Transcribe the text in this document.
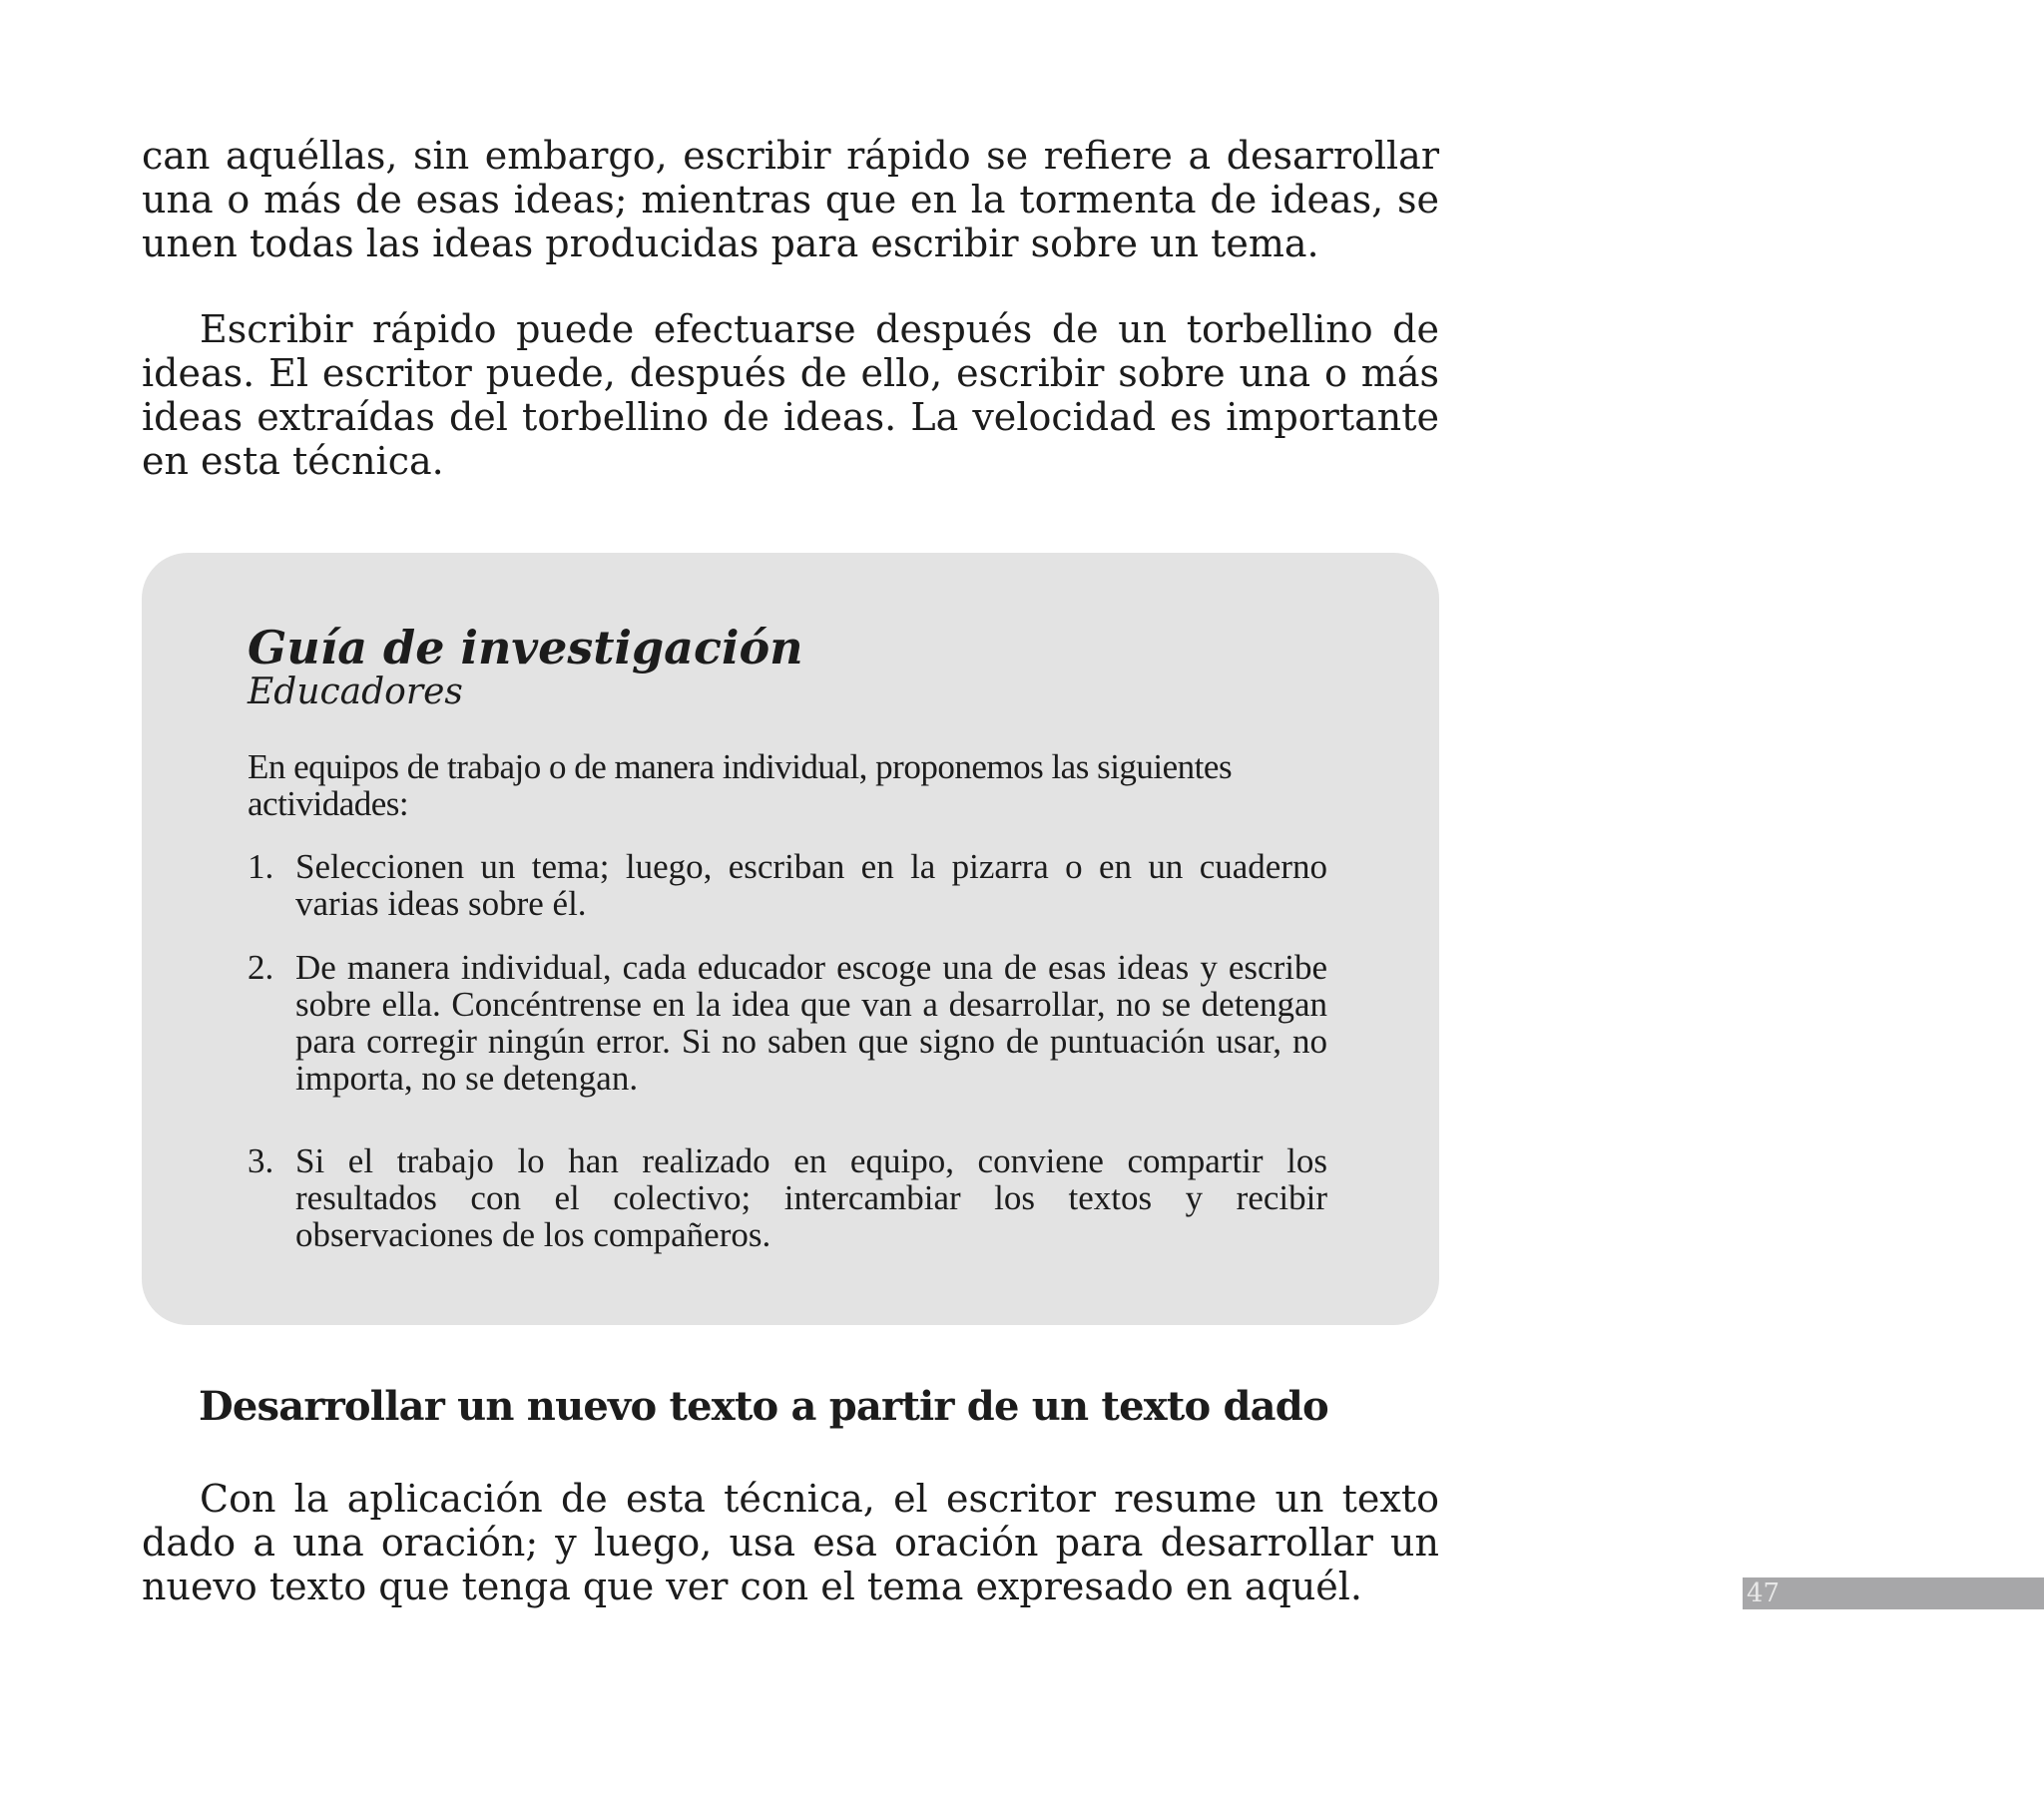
can aquéllas, sin embargo, escribir rápido se refiere a desarrollar una o más de esas ideas; mientras que en la tormenta de ideas, se unen todas las ideas producidas para escribir sobre un tema.

Escribir rápido puede efectuarse después de un torbellino de ideas. El escritor puede, después de ello, escribir sobre una o más ideas extraídas del torbellino de ideas. La velocidad es importante en esta técnica.

Guía de investigación

Educadores

En equipos de trabajo o de manera individual, proponemos las siguientes actividades:

1. Seleccionen un tema; luego, escriban en la pizarra o en un cuaderno varias ideas sobre él.
2. De manera individual, cada educador escoge una de esas ideas y escribe sobre ella. Concéntrense en la idea que van a desarrollar, no se detengan para corregir ningún error. Si no saben que signo de puntuación usar, no importa, no se detengan.
3. Si el trabajo lo han realizado en equipo, conviene compartir los resultados con el colectivo; intercambiar los textos y recibir observaciones de los compañeros.
Desarrollar un nuevo texto a partir de un texto dado

Con la aplicación de esta técnica, el escritor resume un texto dado a una oración; y luego, usa esa oración para desarrollar un nuevo texto que tenga que ver con el tema expresado en aquél.	47
